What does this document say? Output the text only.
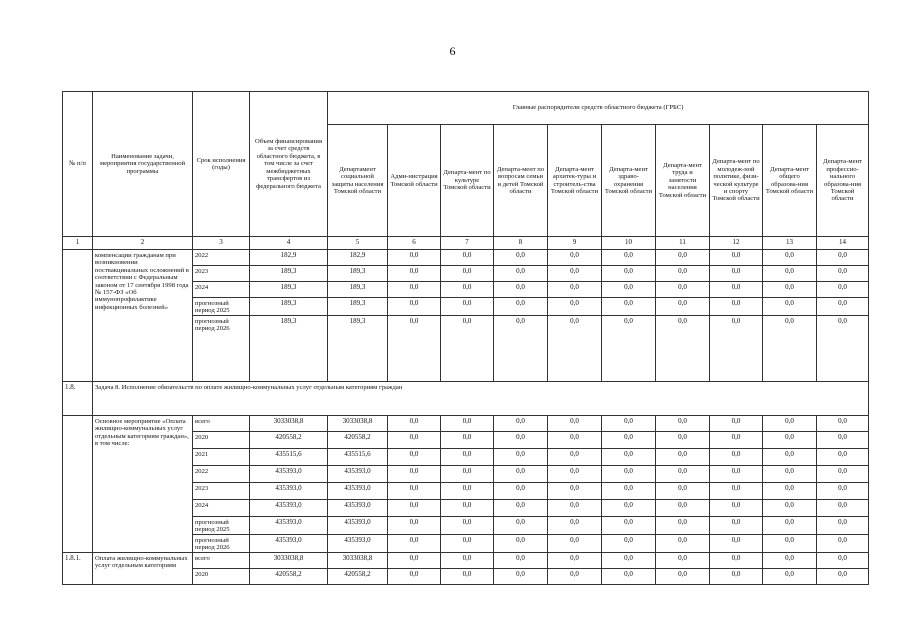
6
№ п/п	Наименование задачи, мероприятия государственной программы	Срок исполнения (годы)	Объем финансирования за счет средств областного бюджета, в том числе за счет межбюджетных трансфертов из федерального бюджета	Главные распорядители средств областного бюджета (ГРБС)									
				Департамент социальной защиты населения Томской области	Адми-нистрация Томской области	Департа-мент по культуре Томской области	Департа-мент по вопросам семьи и детей Томской области	Департа-мент архитек-туры и строитель-ства Томской области	Департа-мент здраво-охранения Томской области	Департа-мент труда и занятости населения Томской области	Департа-мент по молодеж-ной политике, физи-ческой культуре и спорту Томской области	Департа-мент общего образова-ния Томской области	Департа-мент профессио-нального образова-ния Томской области
1	2	3	4	5	6	7	8	9	10	11	12	13	14
	компенсации гражданам при возникновении поствакцинальных осложнений в соответствии с Федеральным законом от 17 сентября 1998 года № 157-ФЗ «Об иммунопрофилактике инфекционных болезней»	2022	182,9	182,9	0,0	0,0	0,0	0,0	0,0	0,0	0,0	0,0	0,0
		2023	189,3	189,3	0,0	0,0	0,0	0,0	0,0	0,0	0,0	0,0	0,0
		2024	189,3	189,3	0,0	0,0	0,0	0,0	0,0	0,0	0,0	0,0	0,0
		прогнозный период 2025	189,3	189,3	0,0	0,0	0,0	0,0	0,0	0,0	0,0	0,0	0,0
		прогнозный период 2026	189,3	189,3	0,0	0,0	0,0	0,0	0,0	0,0	0,0	0,0	0,0
1.8.	Задача 8. Исполнение обязательств по оплате жилищно-коммунальных услуг отдельным категориям граждан												
	Основное мероприятие «Оплата жилищно-коммунальных услуг отдельным категориям граждан», в том числе:	всего	3033038,8	3033038,8	0,0	0,0	0,0	0,0	0,0	0,0	0,0	0,0	0,0
		2020	420558,2	420558,2	0,0	0,0	0,0	0,0	0,0	0,0	0,0	0,0	0,0
		2021	435515,6	435515,6	0,0	0,0	0,0	0,0	0,0	0,0	0,0	0,0	0,0
		2022	435393,0	435393,0	0,0	0,0	0,0	0,0	0,0	0,0	0,0	0,0	0,0
		2023	435393,0	435393,0	0,0	0,0	0,0	0,0	0,0	0,0	0,0	0,0	0,0
		2024	435393,0	435393,0	0,0	0,0	0,0	0,0	0,0	0,0	0,0	0,0	0,0
		прогнозный период 2025	435393,0	435393,0	0,0	0,0	0,0	0,0	0,0	0,0	0,0	0,0	0,0
		прогнозный период 2026	435393,0	435393,0	0,0	0,0	0,0	0,0	0,0	0,0	0,0	0,0	0,0
1.8.1.	Оплата жилищно-коммунальных услуг отдельным категориям	всего	3033038,8	3033038,8	0,0	0,0	0,0	0,0	0,0	0,0	0,0	0,0	0,0
		2020	420558,2	420558,2	0,0	0,0	0,0	0,0	0,0	0,0	0,0	0,0	0,0
